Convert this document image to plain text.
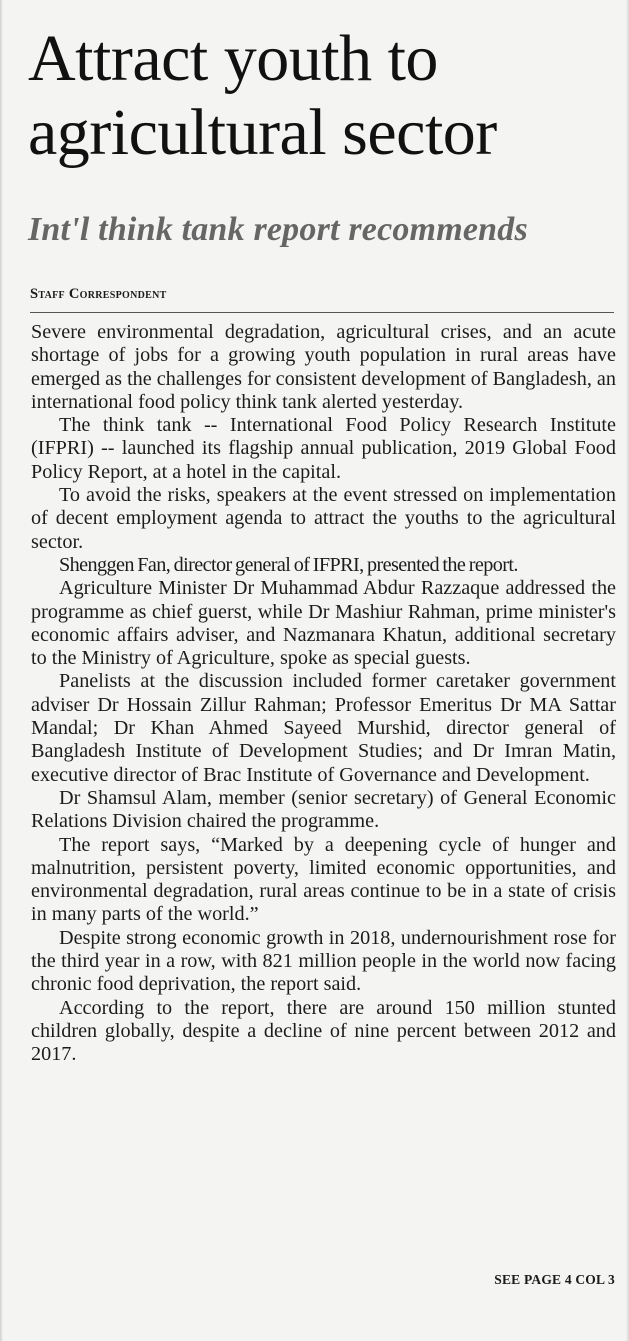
Attract youth to agricultural sector
Int'l think tank report recommends
Staff Correspondent

Severe environmental degradation, agricultural crises, and an acute shortage of jobs for a growing youth population in rural areas have emerged as the challenges for consistent development of Bangladesh, an international food policy think tank alerted yesterday.

The think tank -- International Food Policy Research Institute (IFPRI) -- launched its flagship annual publication, 2019 Global Food Policy Report, at a hotel in the capital.

To avoid the risks, speakers at the event stressed on implementation of decent employment agenda to attract the youths to the agricultural sector.

Shenggen Fan, director general of IFPRI, presented the report.

Agriculture Minister Dr Muhammad Abdur Razzaque addressed the programme as chief guerst, while Dr Mashiur Rahman, prime minister's economic affairs adviser, and Nazmanara Khatun, additional secretary to the Ministry of Agriculture, spoke as special guests.

Panelists at the discussion included former caretaker government adviser Dr Hossain Zillur Rahman; Professor Emeritus Dr MA Sattar Mandal; Dr Khan Ahmed Sayeed Murshid, director general of Bangladesh Institute of Development Studies; and Dr Imran Matin, executive director of Brac Institute of Governance and Development.

Dr Shamsul Alam, member (senior secretary) of General Economic Relations Division chaired the programme.

The report says, “Marked by a deepening cycle of hunger and malnutrition, persistent poverty, limited economic opportunities, and environmental degradation, rural areas continue to be in a state of crisis in many parts of the world.”

Despite strong economic growth in 2018, undernourishment rose for the third year in a row, with 821 million people in the world now facing chronic food deprivation, the report said.

According to the report, there are around 150 million stunted children globally, despite a decline of nine percent between 2012 and 2017.

SEE PAGE 4 COL 3
